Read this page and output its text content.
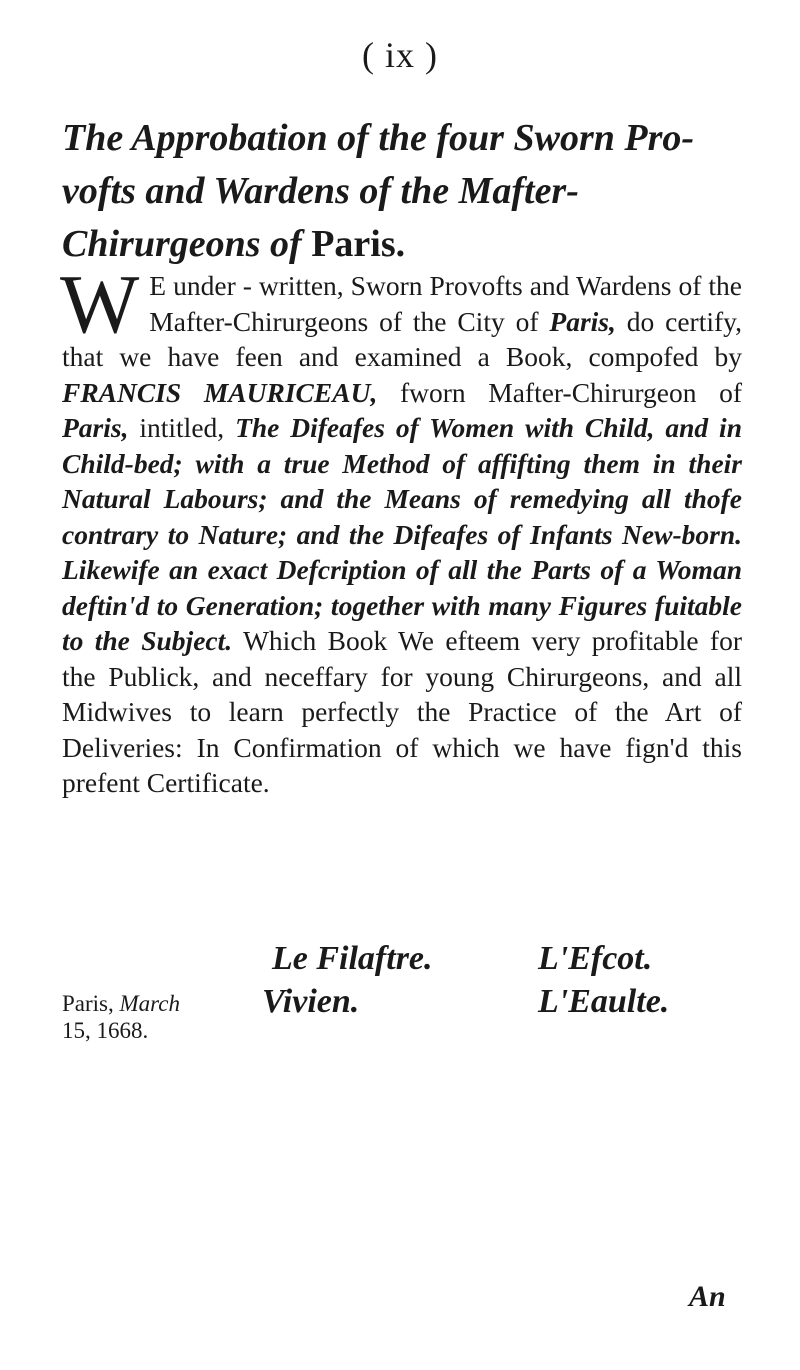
( ix )
The Approbation of the four Sworn Pro- vofts and Wardens of the Mafter- Chirurgeons of Paris.
W E under - written, Sworn Provofts and Wardens of the Mafter-Chirurgeons of the City of Paris, do certify, that we have feen and examined a Book, compofed by FRANCIS MAURICEAU, fworn Mafter-Chirurgeon of Paris, intitled, The Difeafes of Women with Child, and in Child-bed; with a true Method of affifting them in their Natural Labours; and the Means of remedying all thofe contrary to Nature; and the Difeafes of Infants New-born. Likewife an exact Defcription of all the Parts of a Woman deftin'd to Generation; together with many Figures fuitable to the Subject. Which Book We efteem very profitable for the Publick, and neceffary for young Chirurgeons, and all Midwives to learn perfectly the Practice of the Art of Deliveries: In Confirmation of which we have fign'd this prefent Certificate.
Paris, March
15, 1668.
Le Filaftre.	L'Efcot.
Vivien.	L'Eaulte.
An
